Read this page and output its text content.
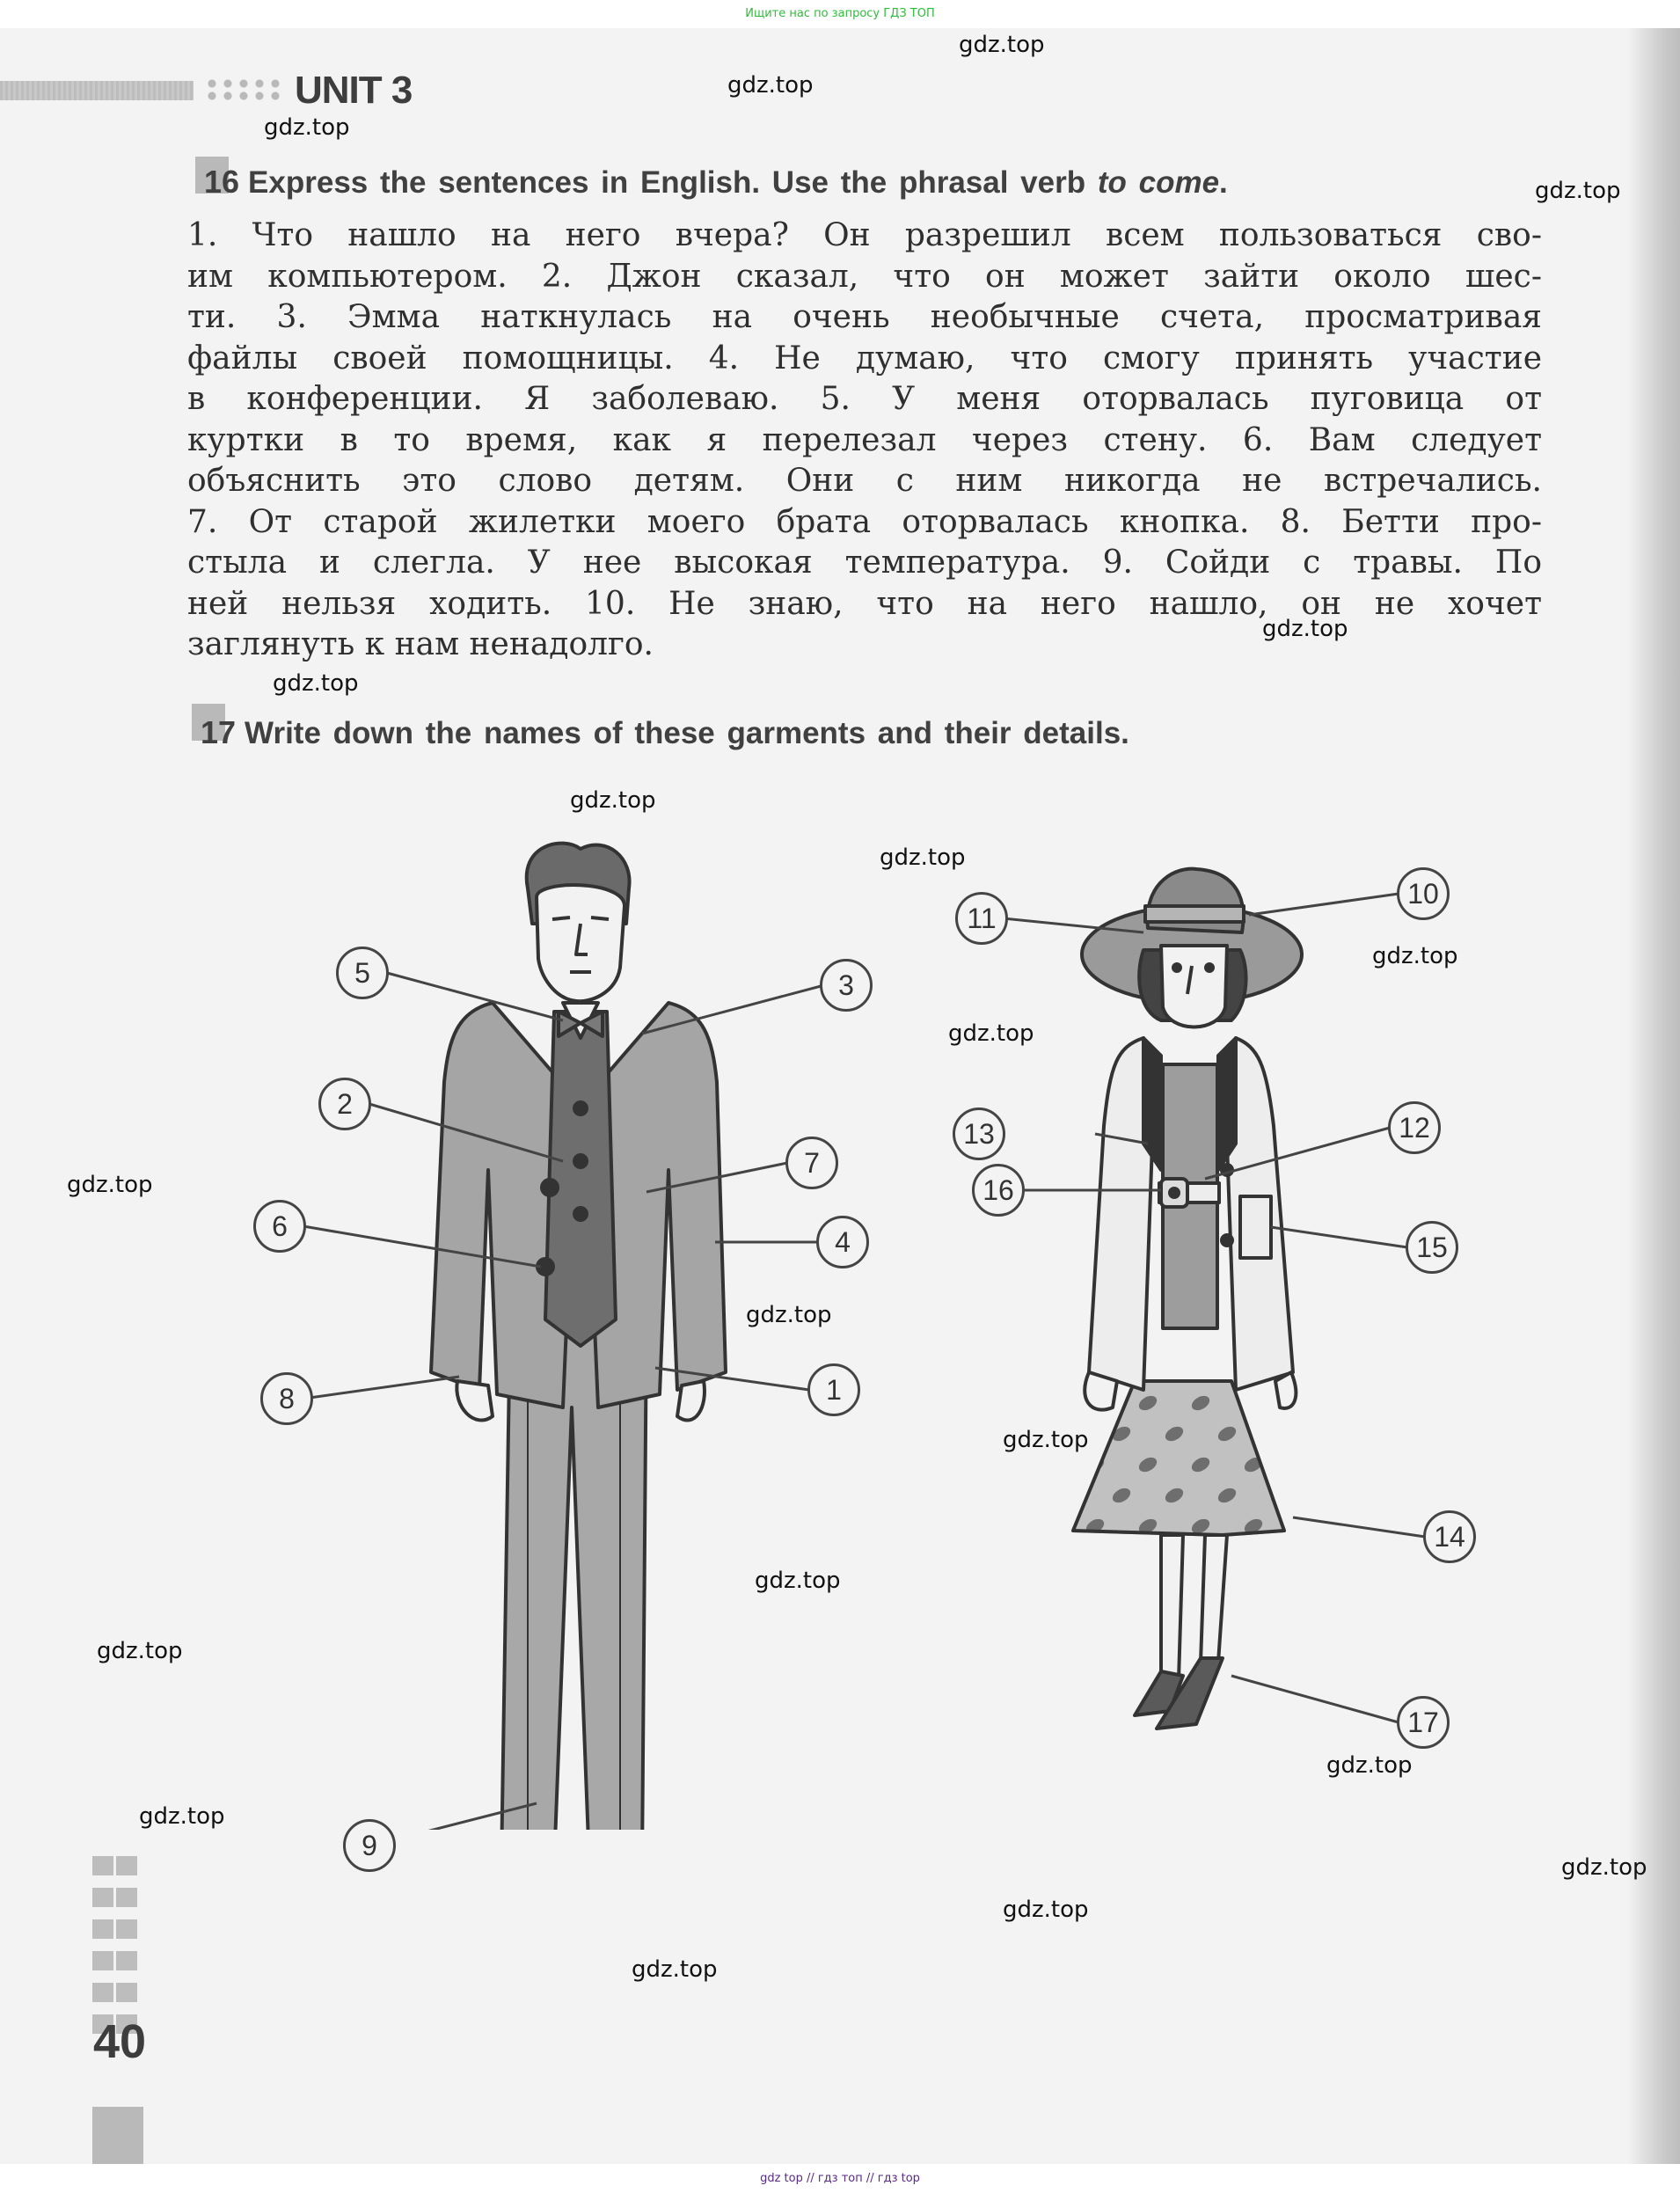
Ищите нас по запросу ГДЗ ТОП
UNIT 3
16 Express the sentences in English. Use the phrasal verb to come.
1. Что нашло на него вчера? Он разрешил всем пользоваться сво-
им компьютером. 2. Джон сказал, что он может зайти около шес-
ти. 3. Эмма наткнулась на очень необычные счета, просматривая
файлы своей помощницы. 4. Не думаю, что смогу принять участие
в конференции. Я заболеваю. 5. У меня оторвалась пуговица от
куртки в то время, как я перелезал через стену. 6. Вам следует
объяснить это слово детям. Они с ним никогда не встречались.
7. От старой жилетки моего брата оторвалась кнопка. 8. Бетти про-
стыла и слегла. У нее высокая температура. 9. Сойди с травы. По
ней нельзя ходить. 10. Не знаю, что на него нашло, он не хочет
заглянуть к нам ненадолго.
17 Write down the names of these garments and their details.
5	3
2
7
6	4
8	1
9
10
11
12
13
14
15
16
17

40
gdz.top
gdz.top
gdz.top
gdz.top
gdz.top
gdz.top
gdz.top
gdz.top
gdz.top
gdz.top
gdz.top
gdz.top
gdz.top
gdz.top
gdz.top
gdz.top
gdz.top
gdz.top
gdz.top
gdz.top
gdz top // гдз топ // гдз top
